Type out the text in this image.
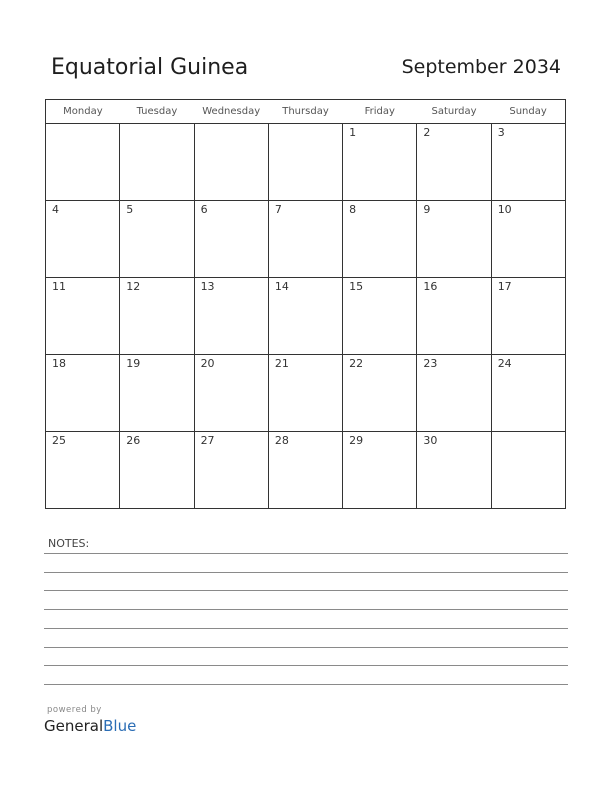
Equatorial Guinea	September 2034
Monday	Tuesday	Wednesday	Thursday	Friday	Saturday	Sunday

				1	2	3

4	5	6	7	8	9	10

11	12	13	14	15	16	17

18	19	20	21	22	23	24

25	26	27	28	29	30	

NOTES:
powered by
GeneralBlue
